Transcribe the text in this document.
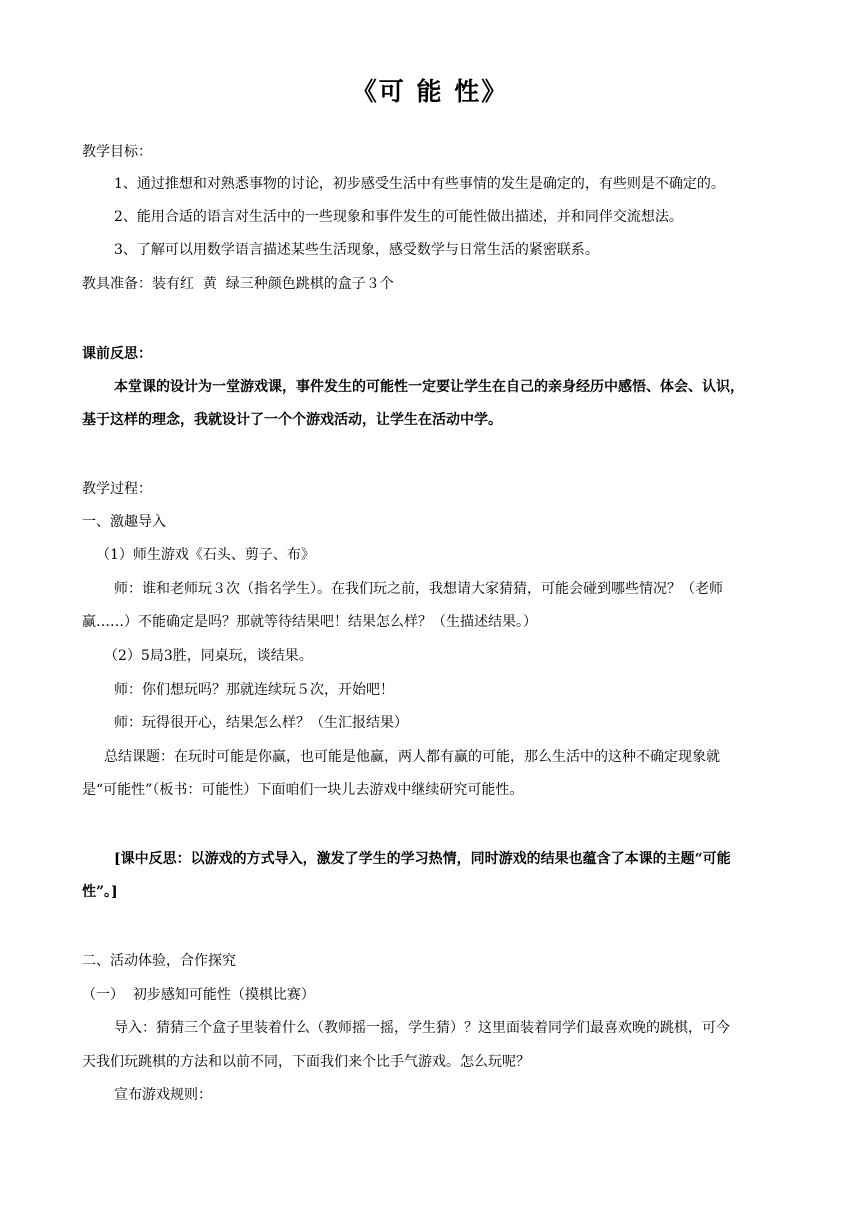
《可 能 性》
教学目标：
1、通过推想和对熟悉事物的讨论，初步感受生活中有些事情的发生是确定的，有些则是不确定的。
2、能用合适的语言对生活中的一些现象和事件发生的可能性做出描述，并和同伴交流想法。
3、了解可以用数学语言描述某些生活现象，感受数学与日常生活的紧密联系。
教具准备：装有红  黄  绿三种颜色跳棋的盒子３个
课前反思：
本堂课的设计为一堂游戏课，事件发生的可能性一定要让学生在自己的亲身经历中感悟、体会、认识，
基于这样的理念，我就设计了一个个游戏活动，让学生在活动中学。
教学过程：
一、激趣导入
（1）师生游戏《石头、剪子、布》
师：谁和老师玩３次（指名学生）。在我们玩之前，我想请大家猜猜，可能会碰到哪些情况？（老师
赢……）不能确定是吗？那就等待结果吧！结果怎么样？（生描述结果。）
（2）5局3胜，同桌玩，谈结果。
师：你们想玩吗？那就连续玩５次，开始吧！
师：玩得很开心，结果怎么样？（生汇报结果）
总结课题：在玩时可能是你赢，也可能是他赢，两人都有赢的可能，那么生活中的这种不确定现象就
是“可能性”（板书：可能性）下面咱们一块儿去游戏中继续研究可能性。
[课中反思：以游戏的方式导入，激发了学生的学习热情，同时游戏的结果也蕴含了本课的主题“可能
性”。]
二、活动体验，合作探究
（一）  初步感知可能性（摸棋比赛）
导入：猜猜三个盒子里装着什么（教师摇一摇，学生猜）？这里面装着同学们最喜欢晚的跳棋，可今
天我们玩跳棋的方法和以前不同，下面我们来个比手气游戏。怎么玩呢？
宣布游戏规则：
